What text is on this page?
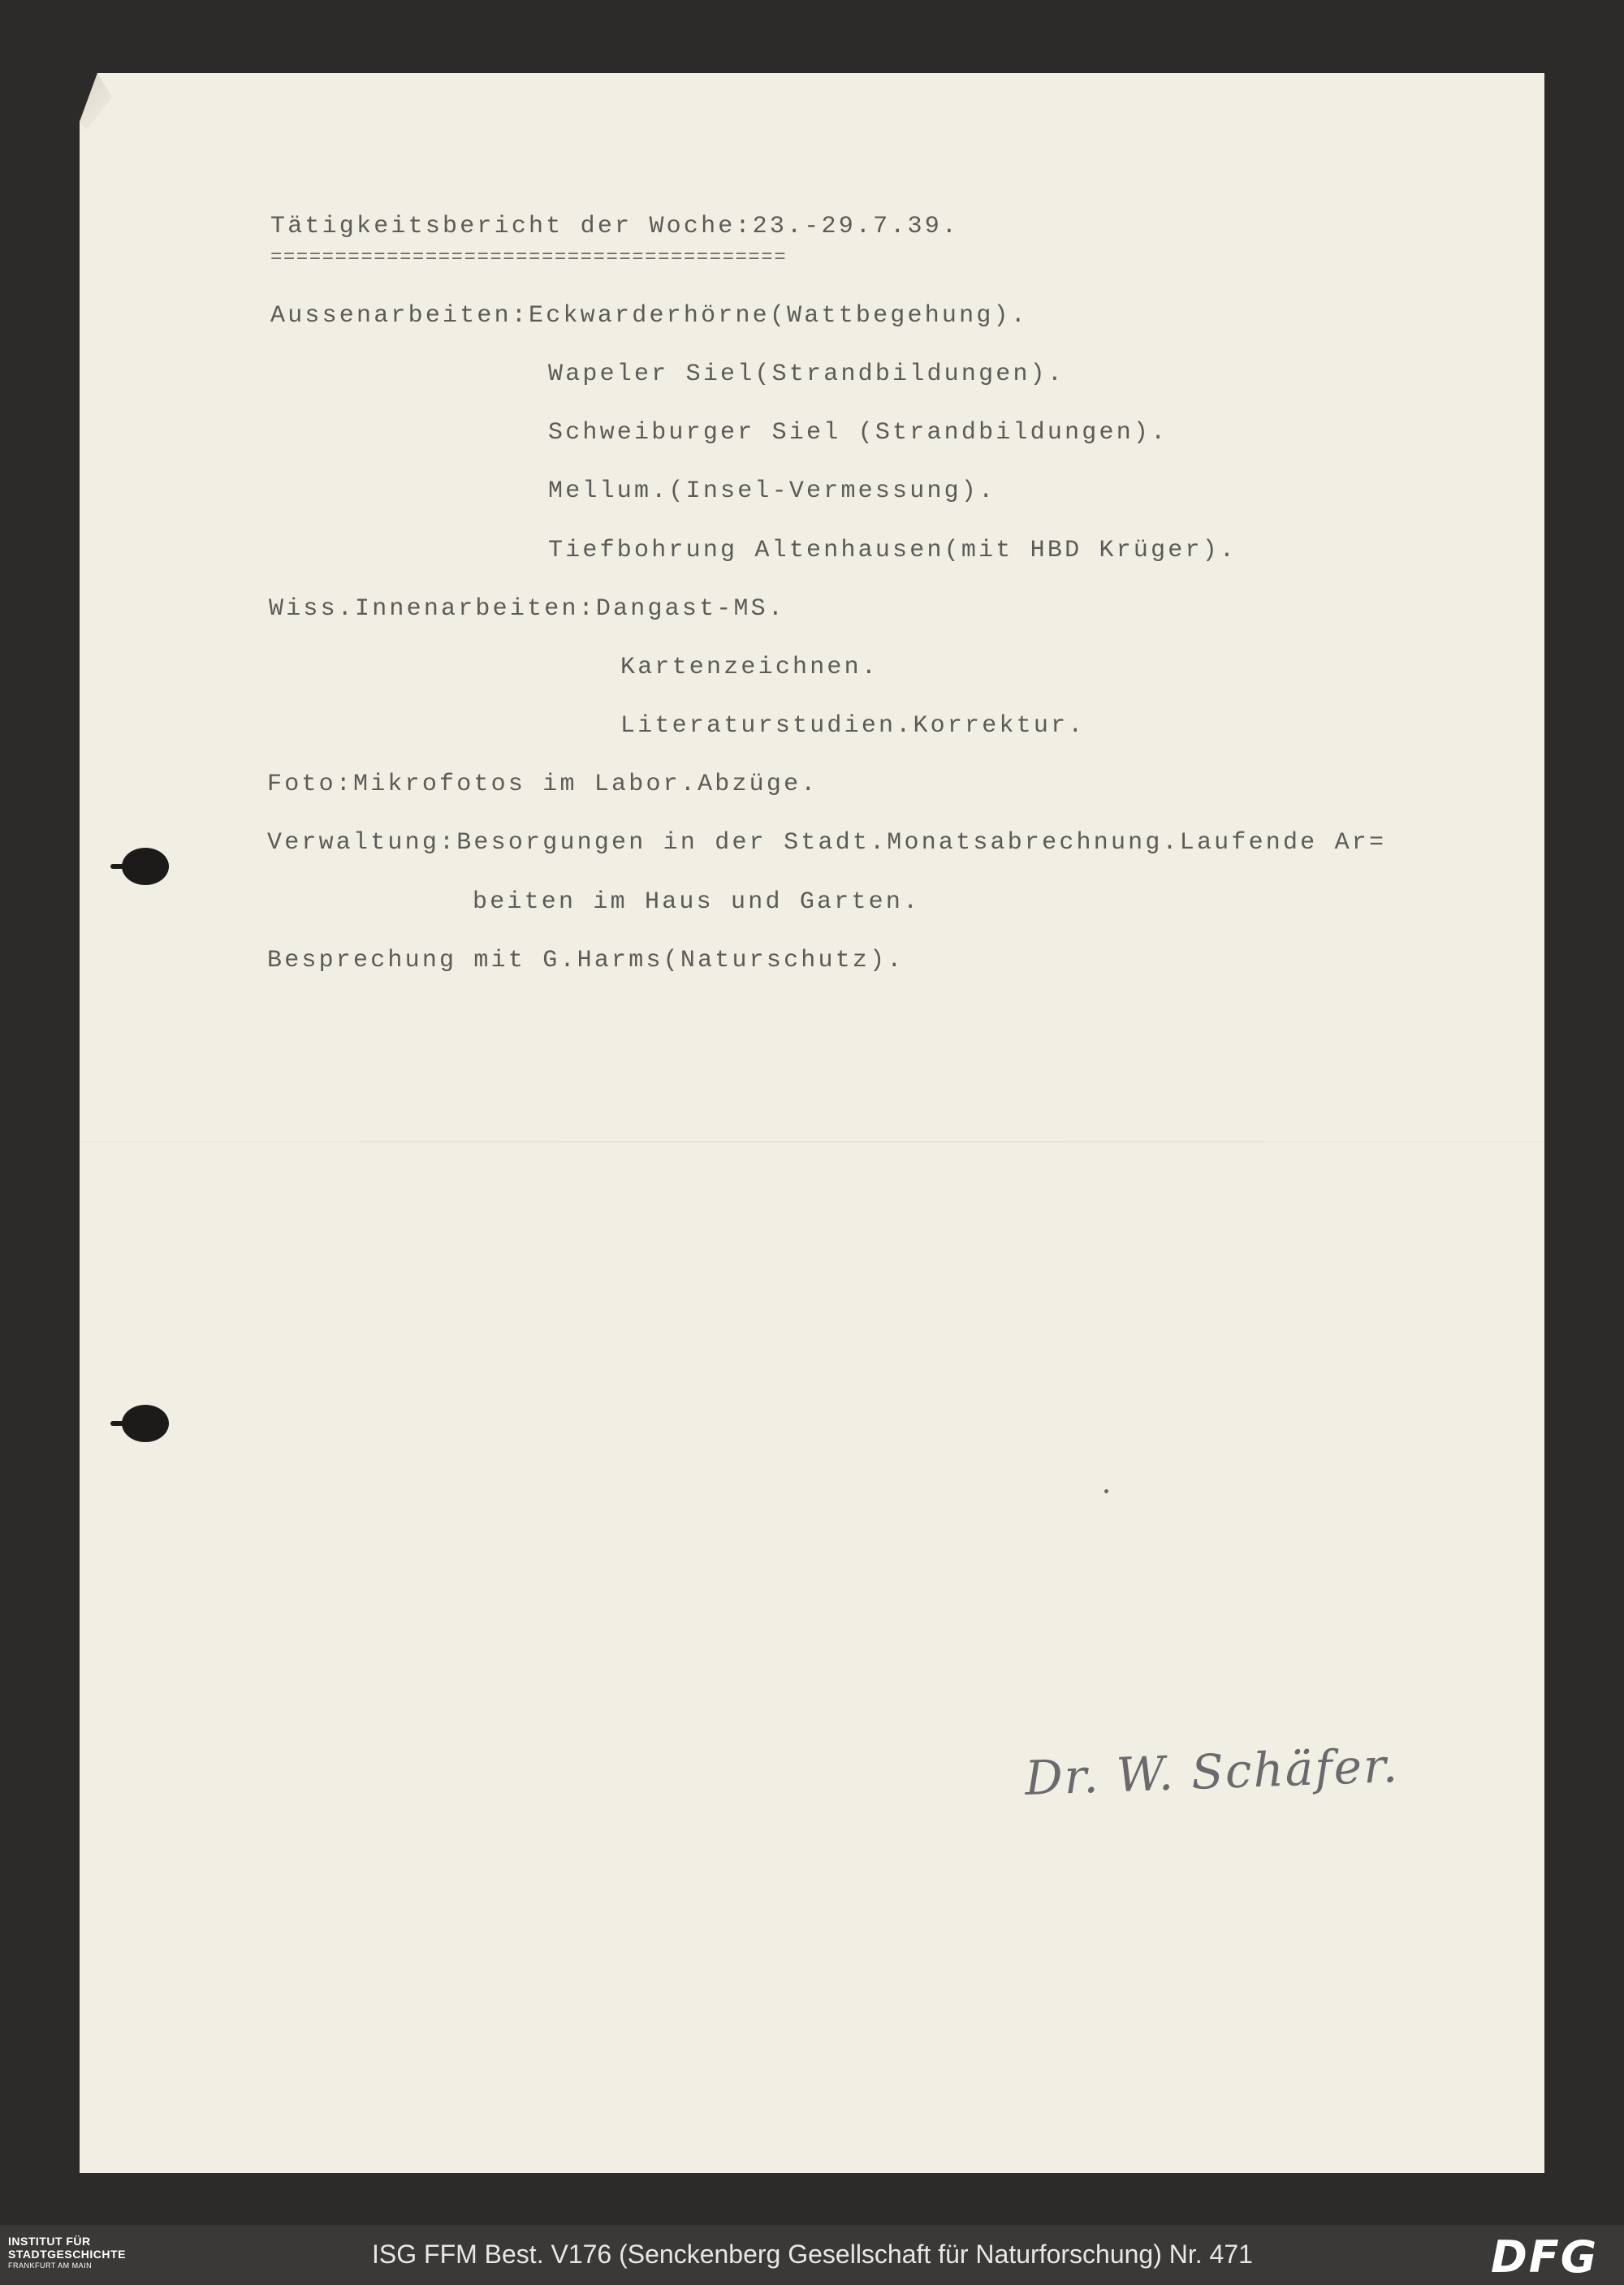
Tätigkeitsbericht der Woche:23.-29.7.39.
========================================
Aussenarbeiten:Eckwarderhörne(Wattbegehung).
Wapeler Siel(Strandbildungen).
Schweiburger Siel (Strandbildungen).
Mellum.(Insel-Vermessung).
Tiefbohrung Altenhausen(mit HBD Krüger).
Wiss.Innenarbeiten:Dangast-MS.
Kartenzeichnen.
Literaturstudien.Korrektur.
Foto:Mikrofotos im Labor.Abzüge.
Verwaltung:Besorgungen in der Stadt.Monatsabrechnung.Laufende Ar=
beiten im Haus und Garten.
Besprechung mit G.Harms(Naturschutz).
Dr. W. Schäfer.
INSTITUT FÜR
STADTGESCHICHTE
FRANKFURT AM MAIN	ISG FFM Best. V176 (Senckenberg Gesellschaft für Naturforschung) Nr. 471	DFG
